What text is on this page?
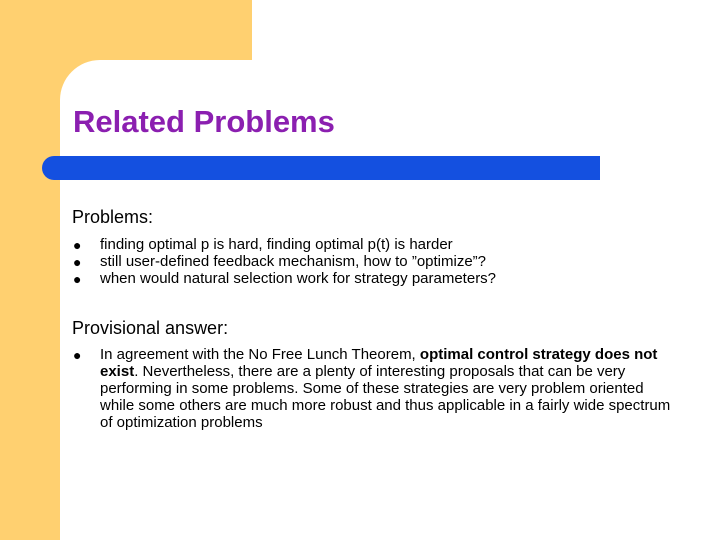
Related Problems

Problems:

● finding optimal p is hard, finding optimal p(t) is harder
● still user-defined feedback mechanism, how to ”optimize”?
● when would natural selection work for strategy parameters?

Provisional answer:

● In agreement with the No Free Lunch Theorem, optimal control strategy does not exist. Nevertheless, there are a plenty of interesting proposals that can be very performing in some problems. Some of these strategies are very problem oriented while some others are much more robust and thus applicable in a fairly wide spectrum of optimization problems
